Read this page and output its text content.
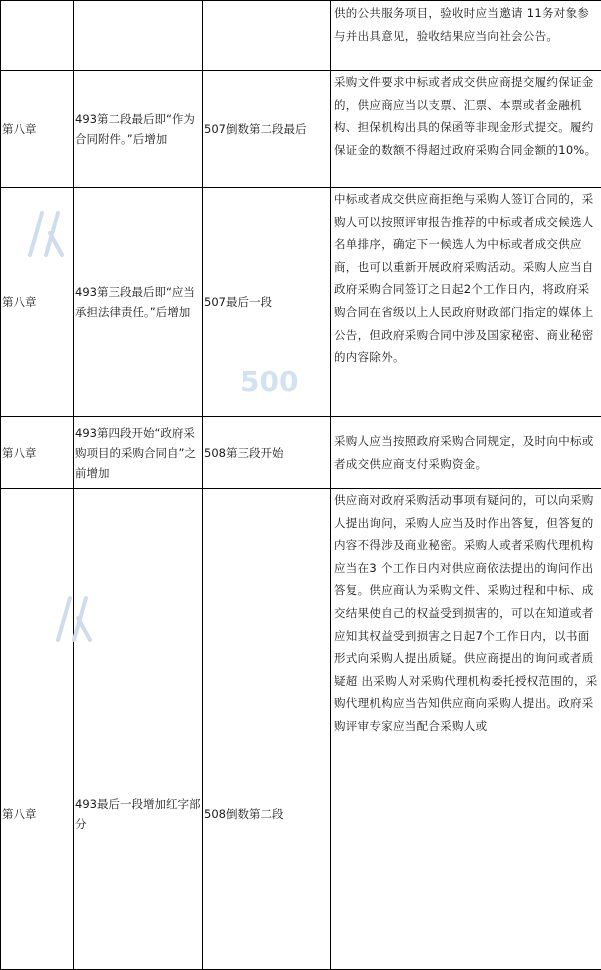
			供的公共服务项目，验收时应当邀请 11务对象参与并出具意见，验收结果应当向社会公告。
第八章	493第二段最后即“作为合同附件。”后增加	507倒数第二段最后	采购文件要求中标或者成交供应商提交履约保证金的，供应商应当以支票、汇票、本票或者金融机构、担保机构出具的保函等非现金形式提交。履约保证金的数额不得超过政府采购合同金额的10%。
第八章	493第三段最后即“应当承担法律责任。”后增加	507最后一段	中标或者成交供应商拒绝与采购人签订合同的，采购人可以按照评审报告推荐的中标或者成交候选人名单排序，确定下一候选人为中标或者成交供应商，也可以重新开展政府采购活动。采购人应当自政府采购合同签订之日起2个工作日内，将政府采购合同在省级以上人民政府财政部门指定的媒体上公告，但政府采购合同中涉及国家秘密、商业秘密的内容除外。
第八章	493第四段开始“政府采购项目的采购合同自”之前增加	508第三段开始	采购人应当按照政府采购合同规定，及时向中标或者成交供应商支付采购资金。
第八章	493最后一段增加红字部分	508倒数第二段	供应商对政府采购活动事项有疑问的，可以向采购人提出询问，采购人应当及时作出答复，但答复的内容不得涉及商业秘密。采购人或者采购代理机构应当在3 个工作日内对供应商依法提出的询问作出答复。供应商认为采购文件、采购过程和中标、成交结果使自己的权益受到损害的，可以在知道或者应知其权益受到损害之日起7个工作日内，以书面形式向采购人提出质疑。供应商提出的询问或者质疑超 出采购人对采购代理机构委托授权范围的，采购代理机构应当告知供应商向采购人提出。政府采购评审专家应当配合采购人或
500
